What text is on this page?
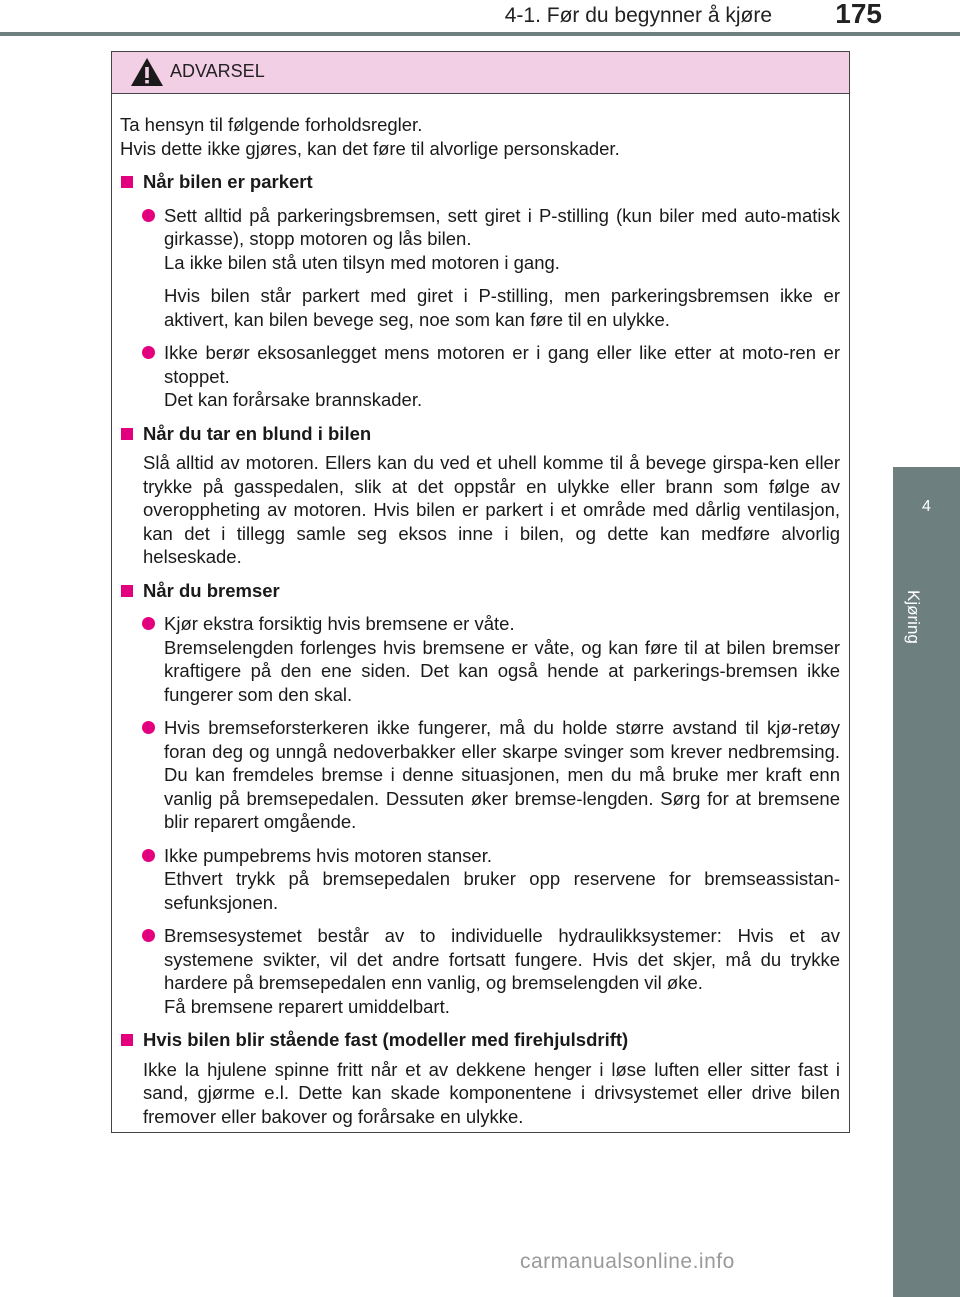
4-1. Før du begynner å kjøre 175
4
Kjøring
ADVARSEL
Ta hensyn til følgende forholdsregler.
Hvis dette ikke gjøres, kan det føre til alvorlige personskader.
Når bilen er parkert
Sett alltid på parkeringsbremsen, sett giret i P-stilling (kun biler med auto-matisk girkasse), stopp motoren og lås bilen.
La ikke bilen stå uten tilsyn med motoren i gang.
Hvis bilen står parkert med giret i P-stilling, men parkeringsbremsen ikke er aktivert, kan bilen bevege seg, noe som kan føre til en ulykke.
Ikke berør eksosanlegget mens motoren er i gang eller like etter at moto-ren er stoppet.
Det kan forårsake brannskader.
Når du tar en blund i bilen
Slå alltid av motoren. Ellers kan du ved et uhell komme til å bevege girspa-ken eller trykke på gasspedalen, slik at det oppstår en ulykke eller brann som følge av overoppheting av motoren. Hvis bilen er parkert i et område med dårlig ventilasjon, kan det i tillegg samle seg eksos inne i bilen, og dette kan medføre alvorlig helseskade.
Når du bremser
Kjør ekstra forsiktig hvis bremsene er våte.
Bremselengden forlenges hvis bremsene er våte, og kan føre til at bilen bremser kraftigere på den ene siden. Det kan også hende at parkerings-bremsen ikke fungerer som den skal.
Hvis bremseforsterkeren ikke fungerer, må du holde større avstand til kjø-retøy foran deg og unngå nedoverbakker eller skarpe svinger som krever nedbremsing. Du kan fremdeles bremse i denne situasjonen, men du må bruke mer kraft enn vanlig på bremsepedalen. Dessuten øker bremse-lengden. Sørg for at bremsene blir reparert omgående.
Ikke pumpebrems hvis motoren stanser.
Ethvert trykk på bremsepedalen bruker opp reservene for bremseassistan-sefunksjonen.
Bremsesystemet består av to individuelle hydraulikksystemer: Hvis et av systemene svikter, vil det andre fortsatt fungere. Hvis det skjer, må du trykke hardere på bremsepedalen enn vanlig, og bremselengden vil øke.
Få bremsene reparert umiddelbart.
Hvis bilen blir stående fast (modeller med firehjulsdrift)
Ikke la hjulene spinne fritt når et av dekkene henger i løse luften eller sitter fast i sand, gjørme e.l. Dette kan skade komponentene i drivsystemet eller drive bilen fremover eller bakover og forårsake en ulykke.
carmanualsonline.info
